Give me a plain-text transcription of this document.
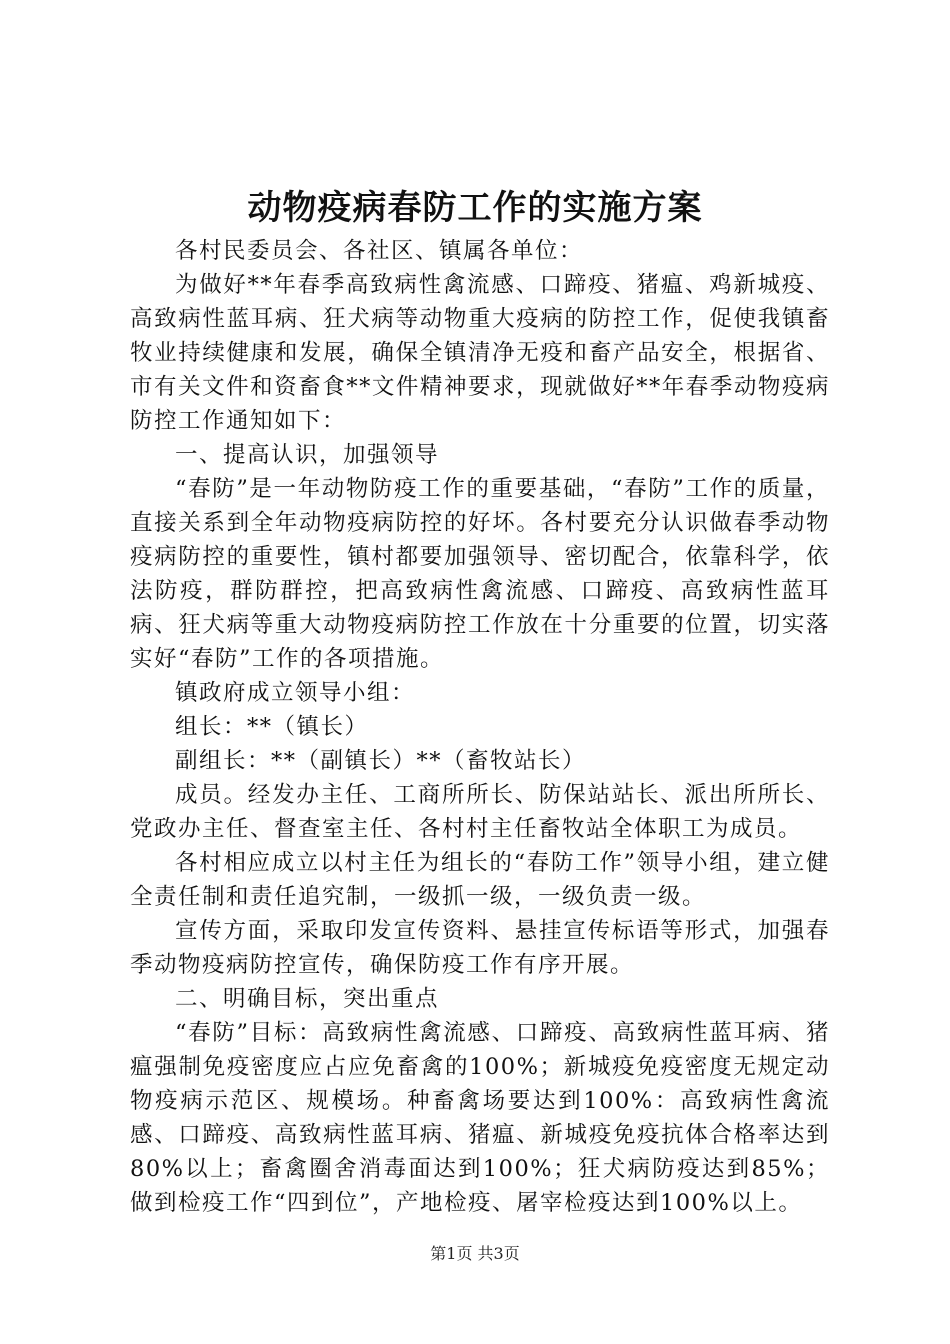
动物疫病春防工作的实施方案

各村民委员会、各社区、镇属各单位：

为做好**年春季高致病性禽流感、口蹄疫、猪瘟、鸡新城疫、高致病性蓝耳病、狂犬病等动物重大疫病的防控工作，促使我镇畜牧业持续健康和发展，确保全镇清净无疫和畜产品安全，根据省、市有关文件和资畜食**文件精神要求，现就做好**年春季动物疫病防控工作通知如下：

一、提高认识，加强领导

“春防”是一年动物防疫工作的重要基础，“春防”工作的质量，直接关系到全年动物疫病防控的好坏。各村要充分认识做春季动物疫病防控的重要性，镇村都要加强领导、密切配合，依靠科学，依法防疫，群防群控，把高致病性禽流感、口蹄疫、高致病性蓝耳病、狂犬病等重大动物疫病防控工作放在十分重要的位置，切实落实好“春防”工作的各项措施。

镇政府成立领导小组：

组长：**（镇长）

副组长：**（副镇长）**（畜牧站长）

成员。经发办主任、工商所所长、防保站站长、派出所所长、党政办主任、督查室主任、各村村主任畜牧站全体职工为成员。

各村相应成立以村主任为组长的“春防工作”领导小组，建立健全责任制和责任追究制，一级抓一级，一级负责一级。

宣传方面，采取印发宣传资料、悬挂宣传标语等形式，加强春季动物疫病防控宣传，确保防疫工作有序开展。

二、明确目标，突出重点

“春防”目标：高致病性禽流感、口蹄疫、高致病性蓝耳病、猪瘟强制免疫密度应占应免畜禽的100%；新城疫免疫密度无规定动物疫病示范区、规模场。种畜禽场要达到100%：高致病性禽流感、口蹄疫、高致病性蓝耳病、猪瘟、新城疫免疫抗体合格率达到80%以上；畜禽圈舍消毒面达到100%；狂犬病防疫达到85%；做到检疫工作“四到位”，产地检疫、屠宰检疫达到100%以上。

第1页 共3页
